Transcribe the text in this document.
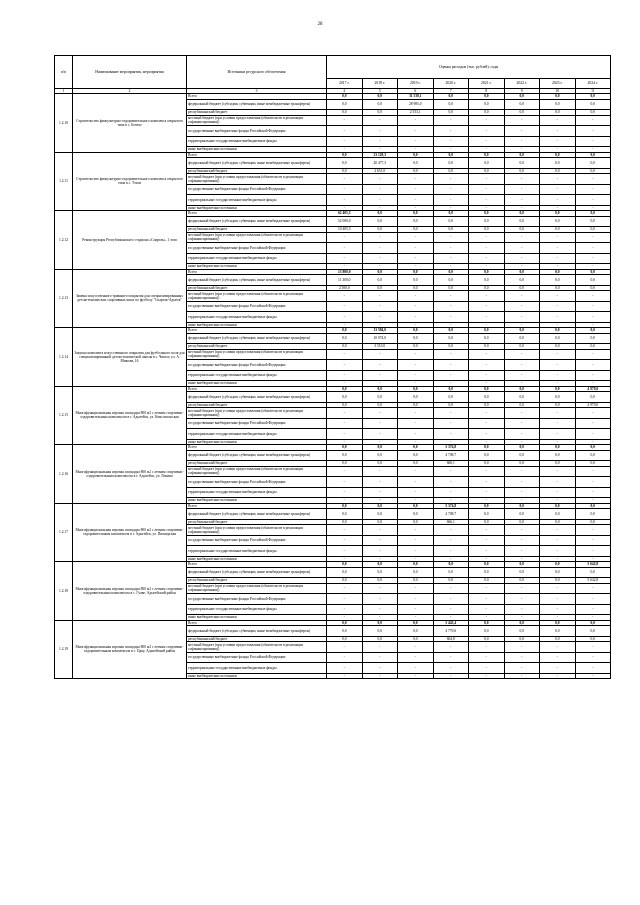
28
п/п	Наименование мероприятия, мероприятия	Источники ресурсного обеспечения	Оценка расходов (тыс. рублей), годы							
			2017 г.	2018 г.	2019 г.	2020 г.	2021 г.	2022 г.	2023 г.	2024 г.
1	2	3	4	5	6	7	8	9	10	11
1.2.10	Строительство физкультурно-оздоровительного комплекса открытого типа в с. Бегиче	Всего	0,0	0,0	31 538,1	0,0	0,0	0,0	0,0	0,0
		федеральный бюджет (субсидии, субвенции, иные межбюджетные трансферты)	0,0	0,0	28 985,0	0,0	0,0	0,0	0,0	0,0
		республиканский бюджет	0,0	0,0	2 553,1	0,0	0,0	0,0	0,0	0,0
		местный бюджет (при условии предоставления (обязательств в реализации софинансирования))	-	-	-	-	-	-	-	-
		государственные внебюджетные фонды Российской Федерации	-	-	-	-	-	-	-	-
		территориальные государственные внебюджетные фонды	-	-	-	-	-	-	-	-
		иные внебюджетные источники	-	-	-	-	-	-	-	-
1.2.11	Строительство физкультурно-оздоровительного комплекса открытого типа в с. Тээли	Всего	0,0	23 128,3	0,0	0,0	0,0	0,0	0,0	0,0
		федеральный бюджет (субсидии, субвенции, иные межбюджетные трансферты)	0,0	20 477,3	0,0	0,0	0,0	0,0	0,0	0,0
		республиканский бюджет	0,0	2 651,0	0,0	0,0	0,0	0,0	0,0	0,0
		местный бюджет (при условии предоставления (обязательств в реализации софинансирования))	-	-	-	-	-	-	-	-
		государственные внебюджетные фонды Российской Федерации	-	-	-	-	-	-	-	-
		территориальные государственные внебюджетные фонды	-	-	-	-	-	-	-	-
		иные внебюджетные источники	-	-	-	-	-	-	-	-
1.2.12	Реконструкция Республиканского стадиона «Спартак», 1 этап	Всего	62 405,5	0,0	0,0	0,0	0,0	0,0	0,0	0,0
		федеральный бюджет (субсидии, субвенции, иные межбюджетные трансферты)	52 000,0	0,0	0,0	0,0	0,0	0,0	0,0	0,0
		республиканский бюджет	10 405,5	0,0	0,0	0,0	0,0	0,0	0,0	0,0
		местный бюджет (при условии предоставления (обязательств в реализации софинансирования))	-	-	-	-	-	-	-	-
		государственные внебюджетные фонды Российской Федерации	-	-	-	-	-	-	-	-
		территориальные государственные внебюджетные фонды	-	-	-	-	-	-	-	-
		иные внебюджетные источники	-	-	-	-	-	-	-	-
1.2.13	Замена искусственного травяного покрытия для специализированных детско-юношеских спортивных школ по футболу "Спартак-Адыгея"	Всего	13 800,0	0,0	0,0	0,0	0,0	0,0	0,0	0,0
		федеральный бюджет (субсидии, субвенции, иные межбюджетные трансферты)	11 300,0	0,0	0,0	0,0	0,0	0,0	0,0	0,0
		республиканский бюджет	2 500,0	0,0	0,0	0,0	0,0	0,0	0,0	0,0
		местный бюджет (при условии предоставления (обязательств в реализации софинансирования))	-	-	-	-	-	-	-	-
		государственные внебюджетные фонды Российской Федерации	-	-	-	-	-	-	-	-
		территориальные государственные внебюджетные фонды	-	-	-	-	-	-	-	-
		иные внебюджетные источники	-	-	-	-	-	-	-	-
1.2.14	Закупка комплекта искусственного покрытия для футбольного поля для специализированной детско-юношеской школы в с. Чишхэ, ул. А. Мижова, 16	Всего	0,0	13 584,0	0,0	0,0	0,0	0,0	0,0	0,0
		федеральный бюджет (субсидии, субвенции, иные межбюджетные трансферты)	0,0	10 074,0	0,0	0,0	0,0	0,0	0,0	0,0
		республиканский бюджет	0,0	3 510,0	0,0	0,0	0,0	0,0	0,0	0,0
		местный бюджет (при условии предоставления (обязательств в реализации софинансирования))	-	-	-	-	-	-	-	-
		государственные внебюджетные фонды Российской Федерации	-	-	-	-	-	-	-	-
		территориальные государственные внебюджетные фонды	-	-	-	-	-	-	-	-
		иные внебюджетные источники	-	-	-	-	-	-	-	-
1.2.15	Многофункциональная игровая площадка 800 м2 с летним спортивно-оздоровительным комплексом в г. Адыгейск, ул. Комсомольская	Всего	0,0	0,0	0,0	0,0	0,0	0,0	0,0	4 979,0
		федеральный бюджет (субсидии, субвенции, иные межбюджетные трансферты)	0,0	0,0	0,0	0,0	0,0	0,0	0,0	0,0
		республиканский бюджет	0,0	0,0	0,0	0,0	0,0	0,0	0,0	4 979,0
		местный бюджет (при условии предоставления (обязательств в реализации софинансирования))	-	-	-	-	-	-	-	-
		государственные внебюджетные фонды Российской Федерации	-	-	-	-	-	-	-	-
		территориальные государственные внебюджетные фонды	-	-	-	-	-	-	-	-
		иные внебюджетные источники	-	-	-	-	-	-	-	-
1.2.16	Многофункциональная игровая площадка 800 м2 с летним спортивно-оздоровительным комплексом в г. Адыгейск, ул. Ленина	Всего	0,0	0,0	0,0	5 374,8	0,0	0,0	0,0	0,0
		федеральный бюджет (субсидии, субвенции, иные межбюджетные трансферты)	0,0	0,0	0,0	4 708,7	0,0	0,0	0,0	0,0
		республиканский бюджет	0,0	0,0	0,0	666,1	0,0	0,0	0,0	0,0
		местный бюджет (при условии предоставления (обязательств в реализации софинансирования))	-	-	-	-	-	-	-	-
		государственные внебюджетные фонды Российской Федерации	-	-	-	-	-	-	-	-
		территориальные государственные внебюджетные фонды	-	-	-	-	-	-	-	-
		иные внебюджетные источники	-	-	-	-	-	-	-	-
1.2.17	Многофункциональная игровая площадка 800 м2 с летним спортивно-оздоровительным комплексом в г. Адыгейск, ул. Пионерская	Всего	0,0	0,0	0,0	5 374,8	0,0	0,0	0,0	0,0
		федеральный бюджет (субсидии, субвенции, иные межбюджетные трансферты)	0,0	0,0	0,0	4 708,7	0,0	0,0	0,0	0,0
		республиканский бюджет	0,0	0,0	0,0	666,1	0,0	0,0	0,0	0,0
		местный бюджет (при условии предоставления (обязательств в реализации софинансирования))	-	-	-	-	-	-	-	-
		государственные внебюджетные фонды Российской Федерации	-	-	-	-	-	-	-	-
		территориальные государственные внебюджетные фонды	-	-	-	-	-	-	-	-
		иные внебюджетные источники	-	-	-	-	-	-	-	-
1.2.18	Многофункциональная игровая площадка 800 м2 с летним спортивно-оздоровительным комплексом в с. Гуаве, Адыгейский район	Всего	0,0	0,0	0,0	0,0	0,0	0,0	0,0	5 642,8
		федеральный бюджет (субсидии, субвенции, иные межбюджетные трансферты)	0,0	0,0	0,0	0,0	0,0	0,0	0,0	0,0
		республиканский бюджет	0,0	0,0	0,0	0,0	0,0	0,0	0,0	5 642,8
		местный бюджет (при условии предоставления (обязательств в реализации софинансирования))	-	-	-	-	-	-	-	-
		государственные внебюджетные фонды Российской Федерации	-	-	-	-	-	-	-	-
		территориальные государственные внебюджетные фонды	-	-	-	-	-	-	-	-
		иные внебюджетные источники	-	-	-	-	-	-	-	-
1.2.19	Многофункциональная игровая площадка 800 м2 с летним спортивно-оздоровительным комплексом в с. Цаку, Адыгейский район	Всего	0,0	0,0	0,0	5 443,4	0,0	0,0	0,0	0,0
		федеральный бюджет (субсидии, субвенции, иные межбюджетные трансферты)	0,0	0,0	0,0	4 770,6	0,0	0,0	0,0	0,0
		республиканский бюджет	0,0	0,0	0,0	664,8	0,0	0,0	0,0	0,0
		местный бюджет (при условии предоставления (обязательств в реализации софинансирования))	-	-	-	-	-	-	-	-
		государственные внебюджетные фонды Российской Федерации	-	-	-	-	-	-	-	-
		территориальные государственные внебюджетные фонды	-	-	-	-	-	-	-	-
		иные внебюджетные источники	-	-	-	-	-	-	-	-
